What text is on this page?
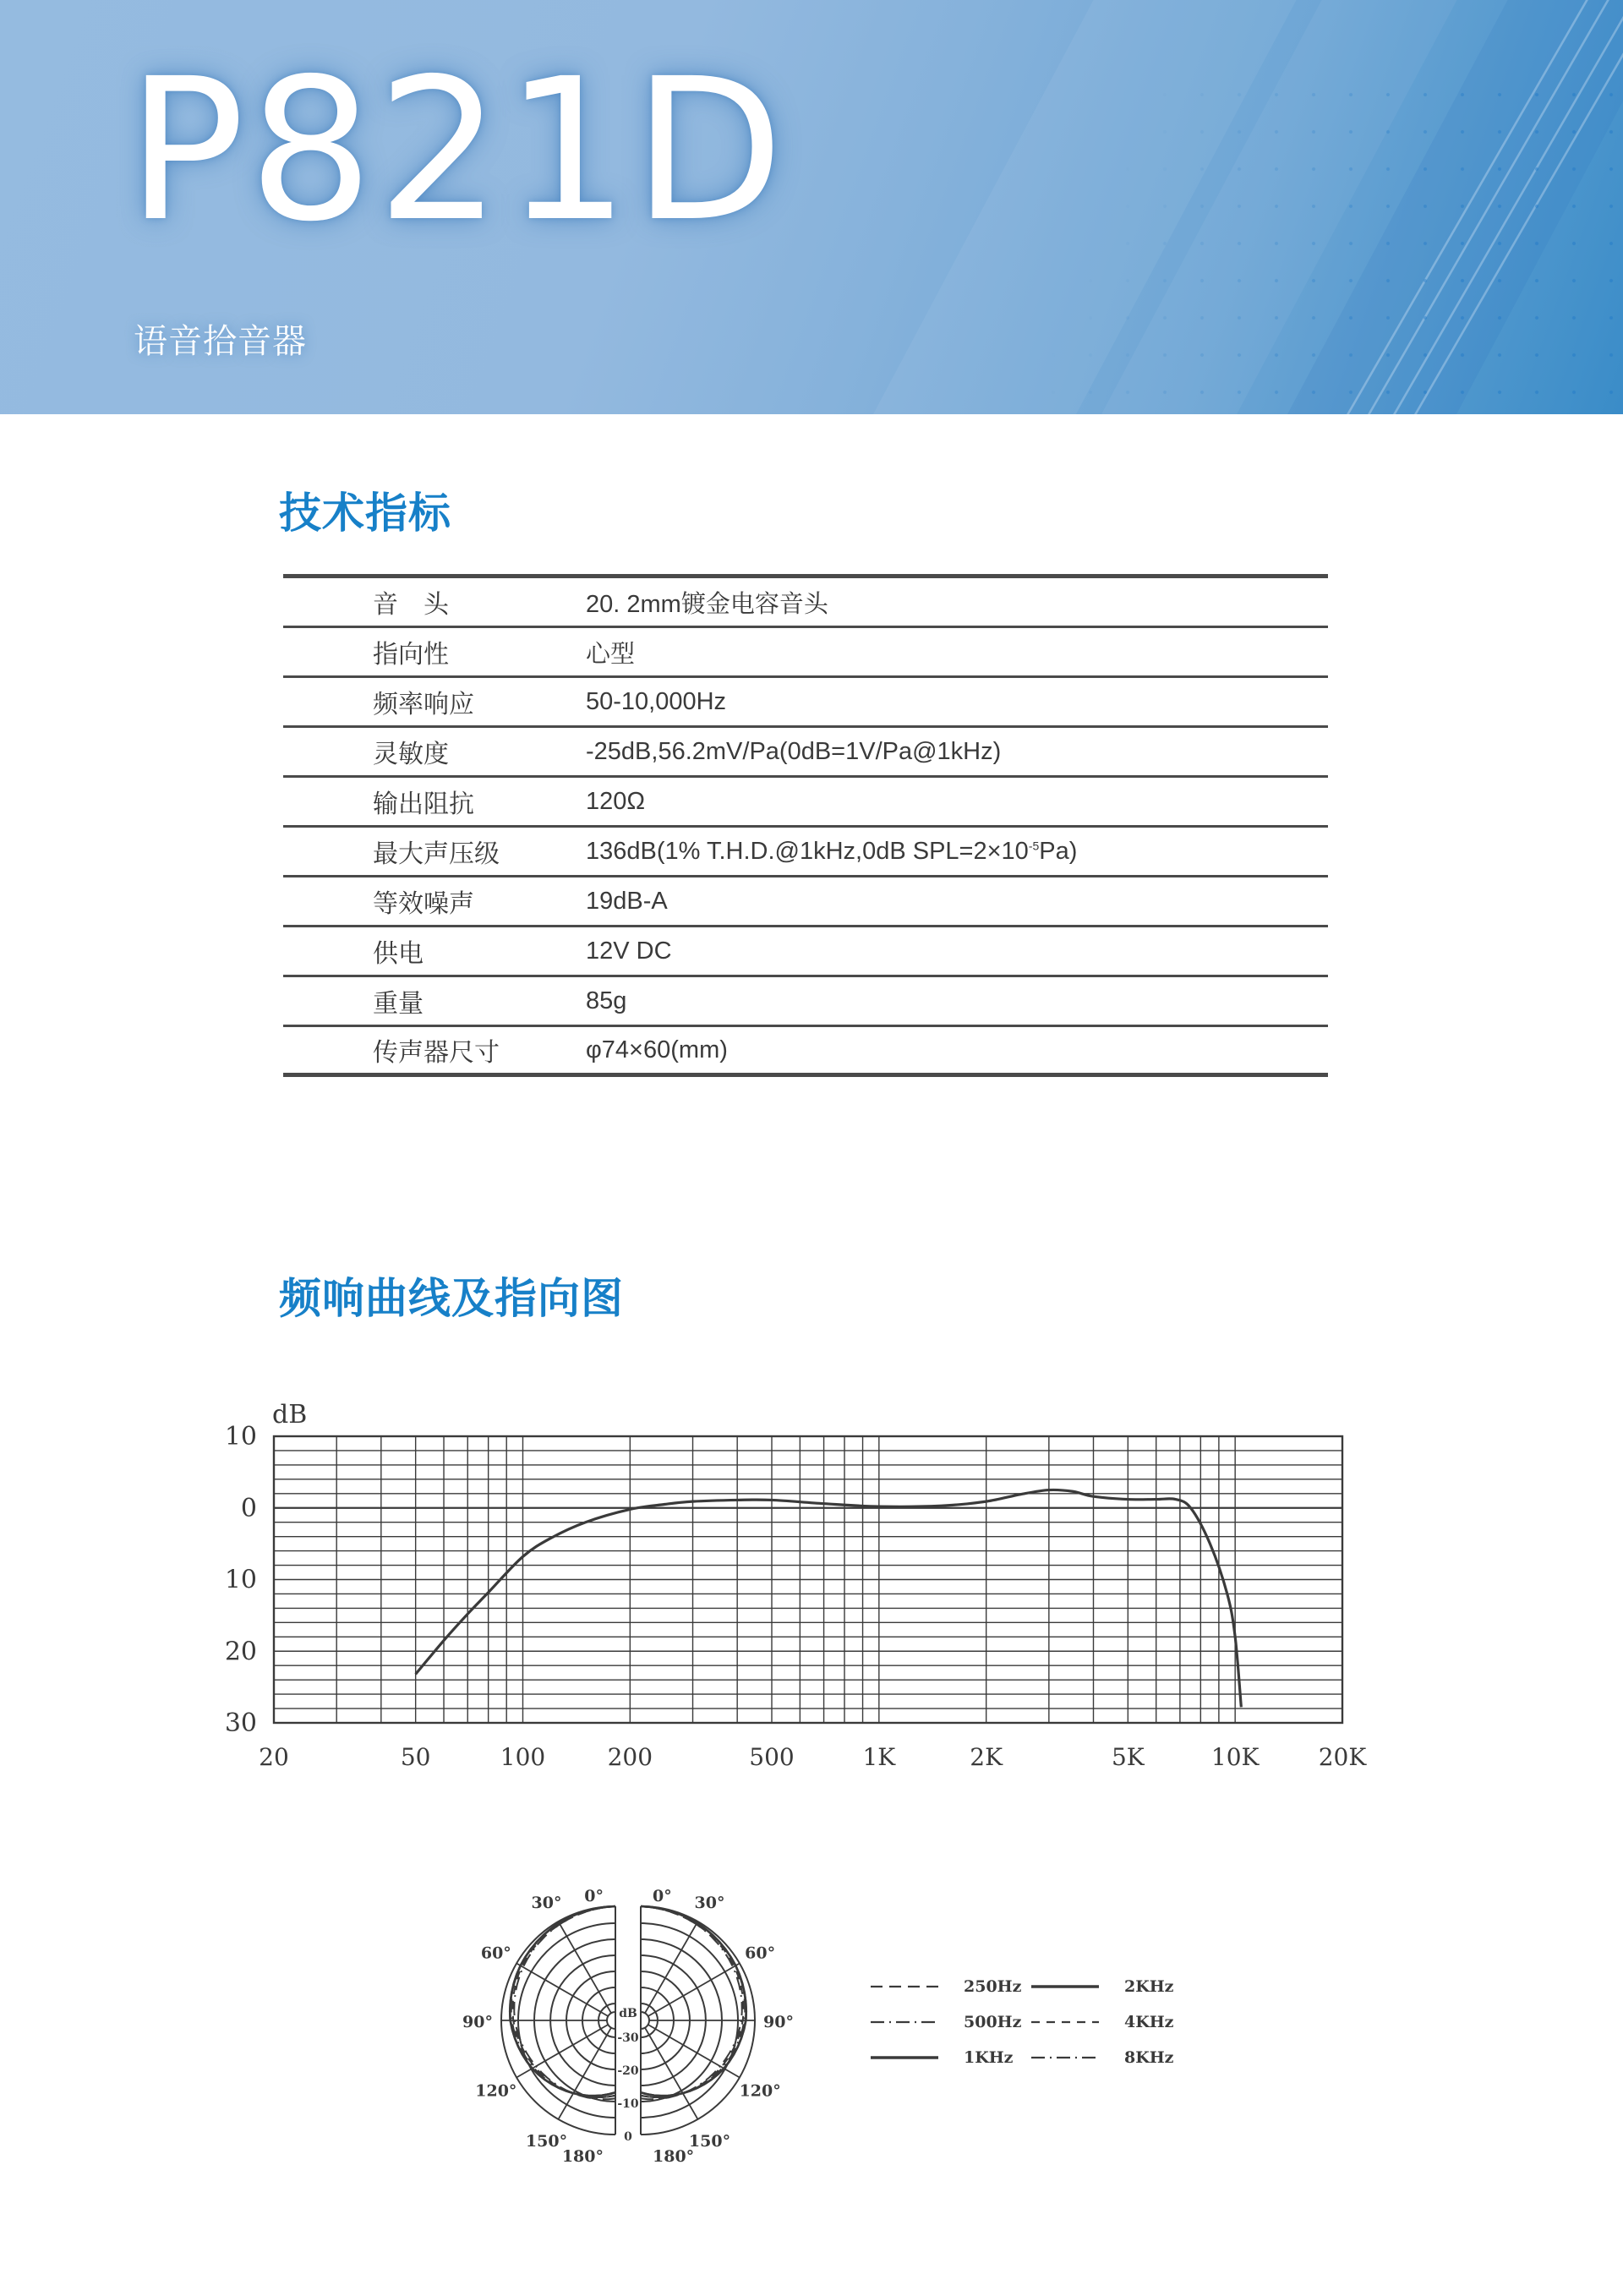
P821D
语音拾音器
技术指标
音　头	20. 2mm镀金电容音头
指向性	心型
频率响应	50-10,000Hz
灵敏度	-25dB,56.2mV/Pa(0dB=1V/Pa@1kHz)
输出阻抗	120Ω
最大声压级	136dB(1% T.H.D.@1kHz,0dB $SPL=2\times 10^{-5}Pa$)
等效噪声	19dB-A
供电	12V DC
重量	85g
传声器尺寸	φ74×60(mm)
频响曲线及指向图
10
0
10
20
30
dB
20	50	100	200	500	1K	2K	5K	10K	20K
0°
30°
60°
90°
120°
150°
180°
0° 30°
60°
90°
120°
150°
180°
dB
-30
-20
-10
0
250Hz
500Hz
1KHz
2KHz
4KHz
8KHz
